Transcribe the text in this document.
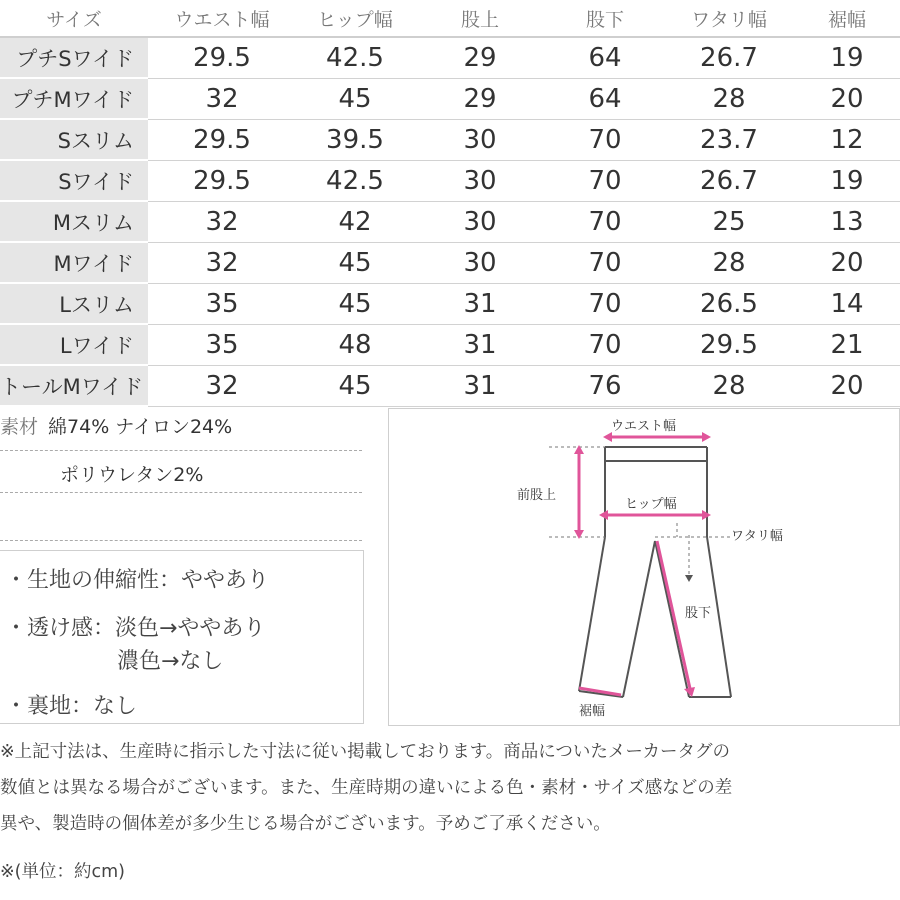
サイズ	ウエスト幅	ヒップ幅	股上	股下	ワタリ幅	裾幅
プチSワイド	29.5	42.5	29	64	26.7	19
プチMワイド	32	45	29	64	28	20
Sスリム	29.5	39.5	30	70	23.7	12
Sワイド	29.5	42.5	30	70	26.7	19
Mスリム	32	42	30	70	25	13
Mワイド	32	45	30	70	28	20
Lスリム	35	45	31	70	26.5	14
Lワイド	35	48	31	70	29.5	21
トールMワイド	32	45	31	76	28	20
素材 綿74% ナイロン24%
ポリウレタン2%
・生地の伸縮性：ややあり
・透け感：淡色→ややあり
濃色→なし
・裏地：なし
ウエスト幅
前股上
ヒップ幅
ワタリ幅
股下
裾幅
※上記寸法は、生産時に指示した寸法に従い掲載しております。商品についたメーカータグの
数値とは異なる場合がございます。また、生産時期の違いによる色・素材・サイズ感などの差
異や、製造時の個体差が多少生じる場合がございます。予めご了承ください。
※(単位：約cm)
